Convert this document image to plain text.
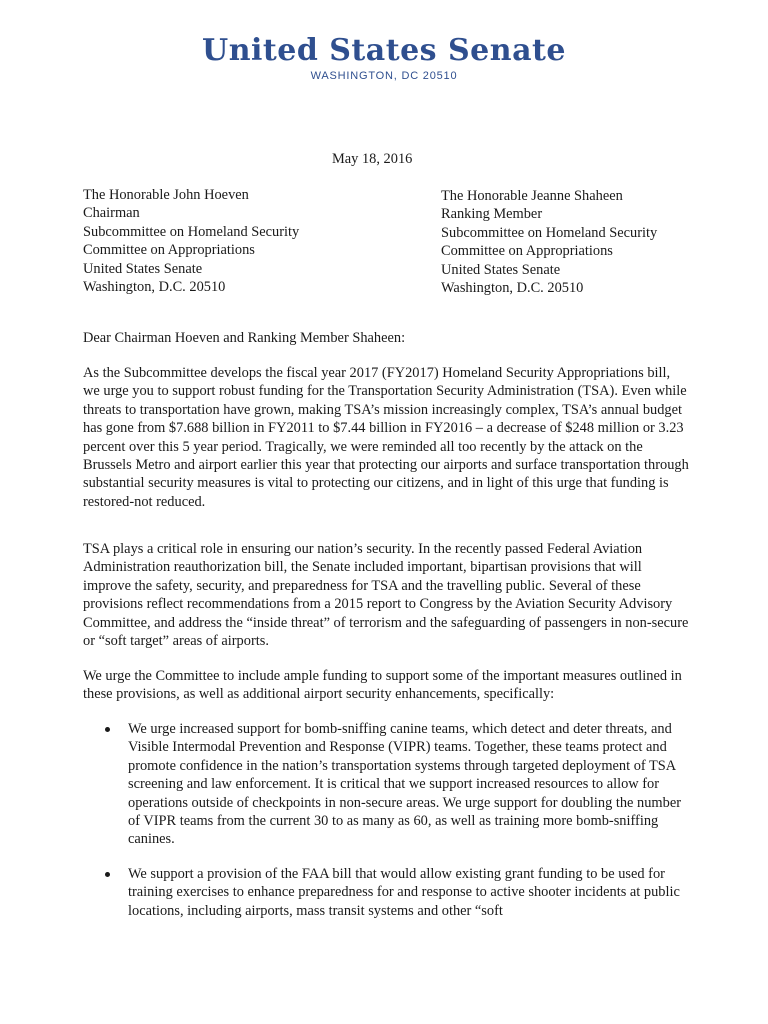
United States Senate
WASHINGTON, DC 20510
May 18, 2016
The Honorable John Hoeven
Chairman
Subcommittee on Homeland Security
Committee on Appropriations
United States Senate
Washington, D.C. 20510
The Honorable Jeanne Shaheen
Ranking Member
Subcommittee on Homeland Security
Committee on Appropriations
United States Senate
Washington, D.C. 20510
Dear Chairman Hoeven and Ranking Member Shaheen:

As the Subcommittee develops the fiscal year 2017 (FY2017) Homeland Security Appropriations bill, we urge you to support robust funding for the Transportation Security Administration (TSA). Even while threats to transportation have grown, making TSA’s mission increasingly complex, TSA’s annual budget has gone from $7.688 billion in FY2011 to $7.44 billion in FY2016 – a decrease of $248 million or 3.23 percent over this 5 year period. Tragically, we were reminded all too recently by the attack on the Brussels Metro and airport earlier this year that protecting our airports and surface transportation through substantial security measures is vital to protecting our citizens, and in light of this urge that funding is restored-not reduced.

TSA plays a critical role in ensuring our nation’s security. In the recently passed Federal Aviation Administration reauthorization bill, the Senate included important, bipartisan provisions that will improve the safety, security, and preparedness for TSA and the travelling public. Several of these provisions reflect recommendations from a 2015 report to Congress by the Aviation Security Advisory Committee, and address the “inside threat” of terrorism and the safeguarding of passengers in non-secure or “soft target” areas of airports.

We urge the Committee to include ample funding to support some of the important measures outlined in these provisions, as well as additional airport security enhancements, specifically:

We urge increased support for bomb-sniffing canine teams, which detect and deter threats, and Visible Intermodal Prevention and Response (VIPR) teams. Together, these teams protect and promote confidence in the nation’s transportation systems through targeted deployment of TSA screening and law enforcement. It is critical that we support increased resources to allow for operations outside of checkpoints in non-secure areas. We urge support for doubling the number of VIPR teams from the current 30 to as many as 60, as well as training more bomb-sniffing canines.
We support a provision of the FAA bill that would allow existing grant funding to be used for training exercises to enhance preparedness for and response to active shooter incidents at public locations, including airports, mass transit systems and other “soft
